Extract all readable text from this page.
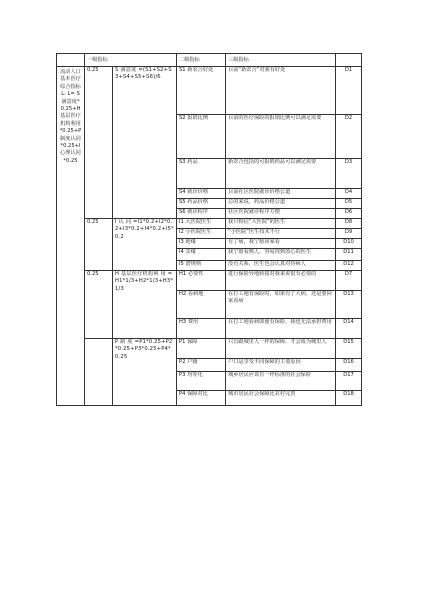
	一级指标		二级指标	三级指标	
流动人口基本医疗综合指标L: L= S满意度*0.25+H基层医疗机构利用*0.25+P制度认同*0.25+I心理认同*0.25	0.25	S 满意度 =(S1+S2+S3+S4+S5+S6)/6	S1 新农合好处	目前“新农合”对我有好处	D1
			S2 报销比例	目前的医疗保险的报销比例可以满足需要	D2
			S3 药品	新农合包括的可报销药品可以满足需要	D3
			S4 就诊价格	目前社区医院就诊价格公道	D4
			S5 药品价格	总的来说，药品价格公道	D5
			S6 就诊程序	社区医院就诊程序方便	D6
	0.25	I 认 同 =I1*0.2+I2*0.2+I3*0.2+I4*0.2+I5*0.2	I1 大医院医生	我只相信“大医院”的医生	D8
			I2 小医院医生	“小医院”医生技术不行	D9
			I3 地缘	有了病，我宁愿回家看	D10
			I4 亲缘	我宁愿看熟人，容易找到放心的医生	D11
			I5 潜规则	没有关系，医生也会认真对待病人	D12
	0.25	H 基层医疗机构利 用 =H1*1/3+H2*1/3+H3*1/3	H1 必要性	进行保险异地转接对我来说很有必要的	D7
			H2 看病地	在打工地有保险时，如果有了大病，还是要回家看病	D13
			H3 费用	在打工地看病即使有保险，我也无法承担费用	D14
		P 制 度 =P1*0.25+P2*0.25+P3*0.25+P4*0.25	P1 保障	只有跟城里人一样的保障，才会成为城里人	D15
			P2 户籍	户口是享受不同保障的主要原因	D16
			P3 均等化	城乡居民应该有一样标准的社会保险	D17
			P4 保障对比	城市居民社会保障比农村完善	D18
